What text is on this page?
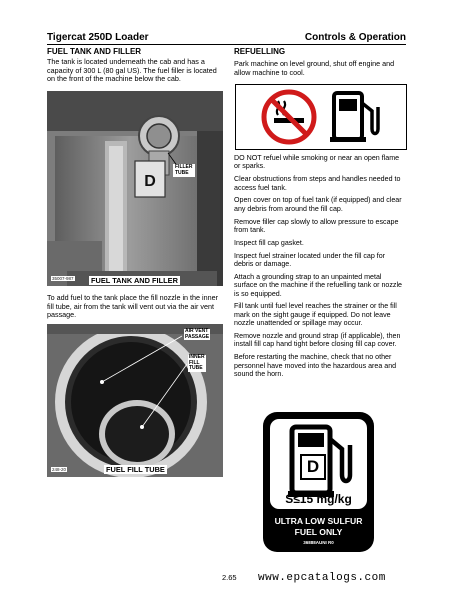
Tigercat 250D Loader	Controls & Operation
FUEL TANK AND FILLER

The tank is located underneath the cab and has a capacity of 300 L (80 gal US). The fuel filler is located on the front of the machine below the cab.

D
FILLER
TUBE
35007-987 FUEL TANK AND FILLER

To add fuel to the tank place the fill nozzle in the inner fill tube, air from the tank will vent out via the air vent passage.

AIR VENT
PASSAGE
INNER
FILL
TUBE
248-20	FUEL FILL TUBE
REFUELLING

Park machine on level ground, shut off engine and allow machine to cool.

DO NOT refuel while smoking or near an open flame or sparks.

Clear obstructions from steps and handles needed to access fuel tank.

Open cover on top of fuel tank (if equipped) and clear any debris from around the fill cap.

Remove filler cap slowly to allow pressure to escape from tank.

Inspect fill cap gasket.

Inspect fuel strainer located under the fill cap for debris or damage.

Attach a grounding strap to an unpainted metal surface on the machine if the refuelling tank or nozzle is so equipped.

Fill tank until fuel level reaches the strainer or the fill mark on the sight gauge if equipped. Do not leave nozzle unattended or spillage may occur.

Remove nozzle and ground strap (if applicable), then install fill cap hand tight before closing fill cap cover.

Before restarting the machine, check that no other personnel have moved into the hazardous area and sound the horn.

D
S≤15 mg/kg
ULTRA LOW SULFUR
FUEL ONLY
36888AUNI R0
2.65 www.epcatalogs.com
